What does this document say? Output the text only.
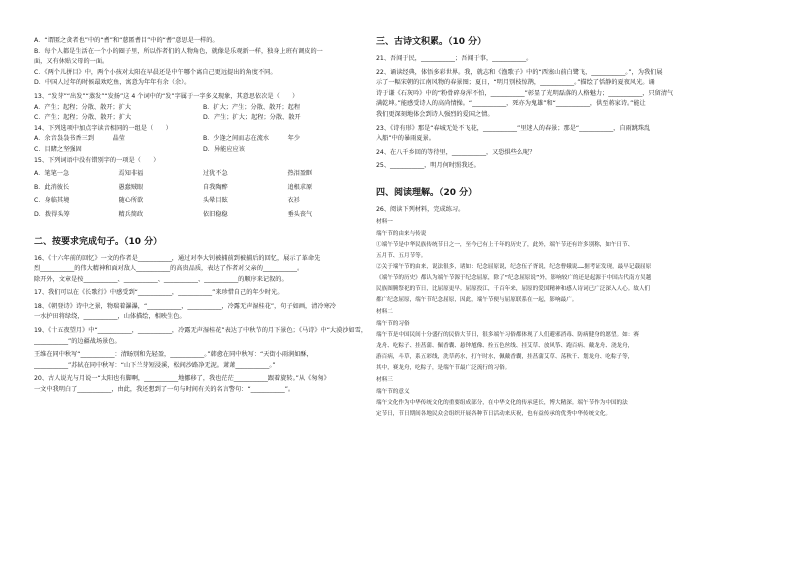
A．“谓匿之贪者也”中的“耆”和“慈匿耆目”中的“耆”意思是一样的。
B．每个人都是生活在一个小的圈子里，所以作者们的人物角色，就像是乐观新一样，独身上班有调皮的一
面，又有休贴父母的一面。
C．《两个儿拼目》中，两个小孩对太阳在早晨还是中午哪个离自己更远提出的角度不同。
D．中国人过年的时候最欢吃鱼，寓意为年年有余（余）。
13、“发芽”“出发”“蒸发”“发扬”这 4 个词中的“发”字属于一字多义现象，其意思依次是（　　）
A．产生；起程；分散、散开；扩大	B．扩大；产生；分散、散开；起程
C．产生；起程；分散、散开；扩大	D．产生；扩大；起程；分散、散开
14、下列选项中加点字读音相同的一组是（　　）
A．余音袅袅书香三到　　　晶莹	B．少逢之间而志在流水　　　年少
C．目睹之坚强固	D．异能应应该
15、下列词语中没有错别字的一项是（　　）
A．笔笔一急	焉知非福	过犹不急	热泪盈眶
B．此消彼长	愚蠢贼眼	自我陶醉	追根求原
C．身临其境	随心所欲	头晕目眩	衣衫
D．拨得头筹	精兵简政	依旧稳稳	垂头丧气
二、按要求完成句子。（10 分）
16、《十六年前的回忆》一文的作者是___________，通过对李大钊被捕前到被捕后的回忆，展示了革命先
烈___________的伟大精神和面对敌人___________的高贵品质，表达了作者对父亲的___________。
除开外，文章是按___________、___________、___________、___________的顺序来记叙的。
17、我们可以在《长歌行》中感受到“___________，___________”来珍惜自己的年少时光。
18、《朝登诗》诗中之景，物瑞着瀑瀑，“___________，___________，冷露无声湿桂花”，句子如画，清冷寒冷
一水护田将绿绕，___________，山体描绘，相映生色。
19、《十五夜望月》中“___________，___________，冷露无声湿桂花”表达了中秋节的月下景色；《马诗》中“大漠沙如雪，
___________”的边疆战场景色。
王维在同中秋写“___________：清旸别和先轻盈，___________。”韩愈在同中秋写：“天街小雨润如酥，
___________”苏轼在同中秋写：“山下兰芽短浸溪，松间沙路净无泥。萧萧___________。”
20、古人说光与月说一“太阳也有脚啊，___________地挪移了，我也茫茫___________跟着旋转。”从《匆匆》
一文中我明白了___________，由此，我还想到了一句与时间有关的名言警句：“___________”。
三、古诗文积累。（10 分）
21、吾闻于民，___________；吾闻于事，___________。
22、诵读经典，体悟多彩世界。我，就志和《渔歌子》中的“西塞山前白鹭飞，___________。”，为我们展
示了一幅宋朝的江南风物的春景图；夏日，“明月别枝惊鹊，___________。”描绘了恬静的夏夜风光。诵
诗于谦《石灰吟》中的“粉骨碎身浑不怕，___________”彰显了光明磊落的人格魅力；___________，只留清气
满乾坤。”能感受诗人的高尚情操。“___________，死亦为鬼雄”和“___________，供至蒋家诗。”能让
我们更深刻地体会到诗人强烈的爱国之情。
23、《诗有形》那是“春城无处不飞花，___________”里迷人的春景；那是“___________，自雨跳珠乱
入船”中的暴雨夏景。
24、在八千乡回的等待里，___________，又恐惧些么呢？
25、___________，明月何时照我还。
四、阅读理解。（20 分）
26、阅读下列材料，完成练习。
材料一
端午节的由来与传说
①端午节是中华民族传统节日之一，至今已有上千年的历史了，此外，端午节还有许多别称，如午日节、
五月节、五月节等。
②关于端午节的由来，说法很多，诸如：纪念屈原说，纪念伍子胥说，纪念曹娥说……据考证发现，最早记载屈原
《端午节的历史》都认为端午节源于纪念屈原，除了“纪念屈原说”外，影响较广的还是起源于中国古代南方吴越
民族图腾祭祀的节日，比屈原更早。屈原投江，千百年来，屈原的爱国精神和感人诗词已广泛深入人心。故人们
都广纪念屈原，端午节纪念屈原，因此，端午节便与屈原联系在一起，影响最广。
材料二
端午节的习俗
端午节是中国民间十分盛行的民俗大节日，很多端午习俗都体现了人们避邪消毒、防病健身的愿望。如：赛
龙舟、吃粽子、挂菖蒲、佩香囊、悬钟馗像、拴五色丝线、挂艾草、放风筝、跑百病、戴龙舟、浇龙舟，
游百病，斗草，系五彩线，洗草药水，打午时水，佩戴香囊，挂菖蒲艾草、荡秋千、划龙舟、吃粽子等，
其中，赛龙舟，吃粽子，是端午节最广泛流行的习俗。
材料三
端午节的意义
端午文化作为中华传统文化的重要组成部分，在中华文化的传承延长，博大精深。端午节作为中国的法
定节日，节日期间各地民众会组织开展各种节日活动来庆祝，也有益传承的优秀中华传统文化。
